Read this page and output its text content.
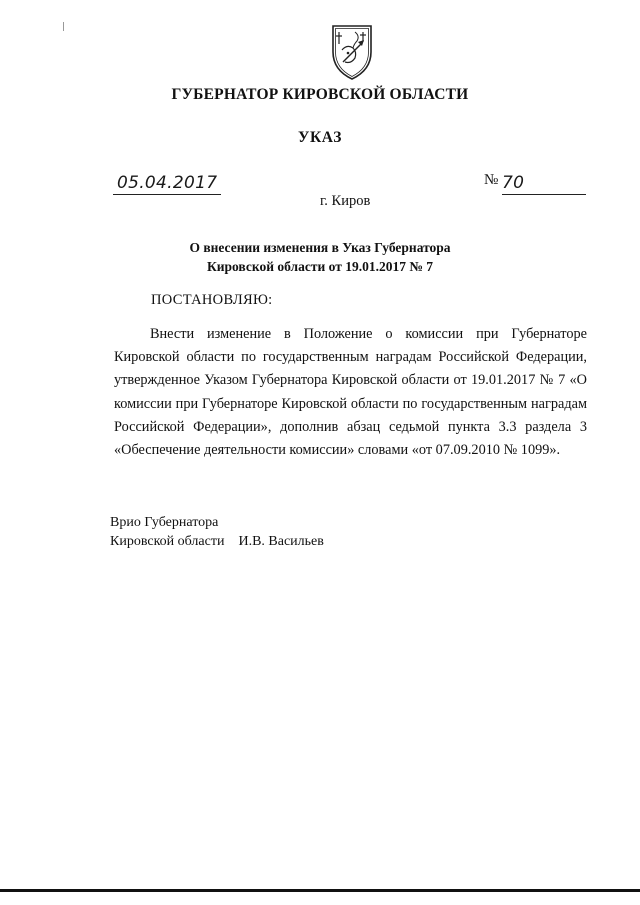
ГУБЕРНАТОР КИРОВСКОЙ ОБЛАСТИ
УКАЗ
05.04.2017	№ 70
г. Киров
О внесении изменения в Указ Губернатора
Кировской области от 19.01.2017 № 7
ПОСТАНОВЛЯЮ:

Внести изменение в Положение о комиссии при Губернаторе Кировской области по государственным наградам Российской Федерации, утвержденное Указом Губернатора Кировской области от 19.01.2017 № 7 «О комиссии при Губернаторе Кировской области по государственным наградам Российской Федерации», дополнив абзац седьмой пункта 3.3 раздела 3 «Обеспечение деятельности комиссии» словами «от 07.09.2010 № 1099».

Врио Губернатора
Кировской области И.В. Васильев
